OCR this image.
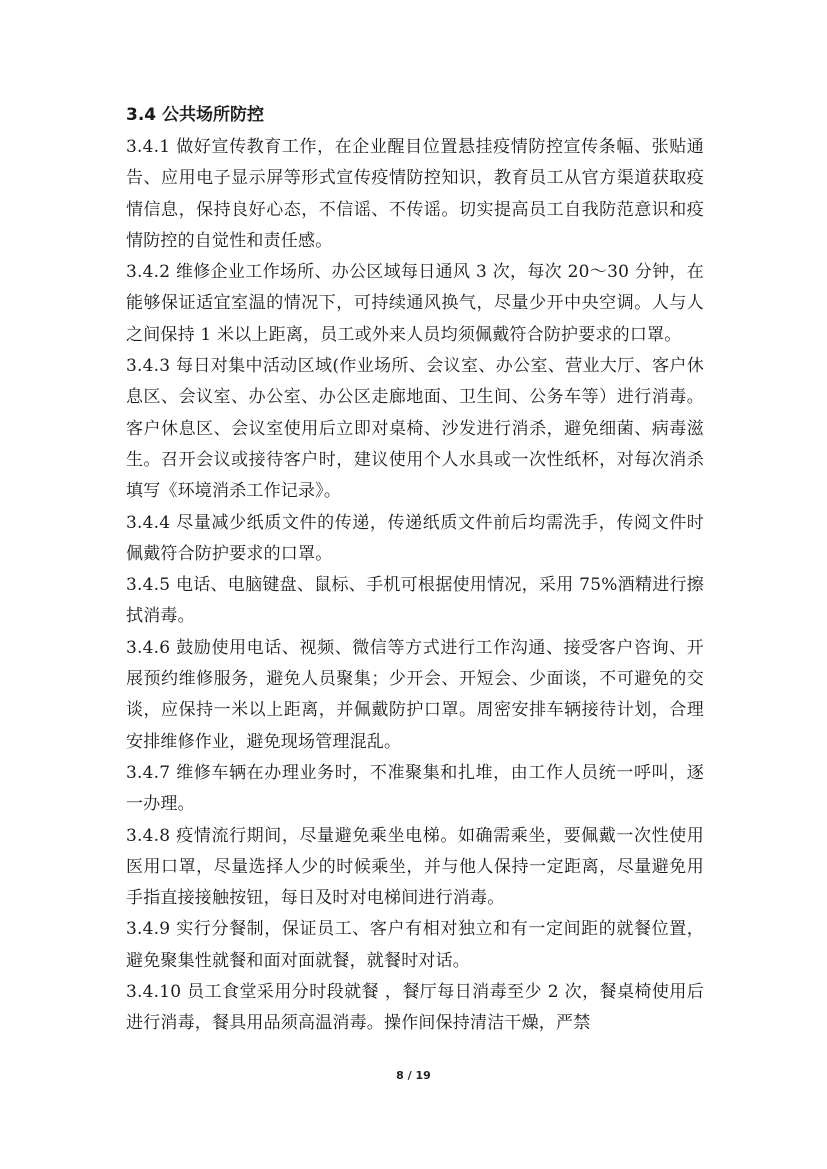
3.4 公共场所防控

3.4.1 做好宣传教育工作，在企业醒目位置悬挂疫情防控宣传条幅、张贴通告、应用电子显示屏等形式宣传疫情防控知识，教育员工从官方渠道获取疫情信息，保持良好心态，不信谣、不传谣。切实提高员工自我防范意识和疫情防控的自觉性和责任感。

3.4.2 维修企业工作场所、办公区域每日通风 3 次，每次 20～30 分钟，在能够保证适宜室温的情况下，可持续通风换气，尽量少开中央空调。人与人之间保持 1 米以上距离，员工或外来人员均须佩戴符合防护要求的口罩。

3.4.3 每日对集中活动区域(作业场所、会议室、办公室、营业大厅、客户休息区、会议室、办公室、办公区走廊地面、卫生间、公务车等）进行消毒。客户休息区、会议室使用后立即对桌椅、沙发进行消杀，避免细菌、病毒滋生。召开会议或接待客户时，建议使用个人水具或一次性纸杯，对每次消杀填写《环境消杀工作记录》。

3.4.4 尽量减少纸质文件的传递，传递纸质文件前后均需洗手，传阅文件时佩戴符合防护要求的口罩。

3.4.5 电话、电脑键盘、鼠标、手机可根据使用情况，采用 75%酒精进行擦拭消毒。

3.4.6 鼓励使用电话、视频、微信等方式进行工作沟通、接受客户咨询、开展预约维修服务，避免人员聚集；少开会、开短会、少面谈，不可避免的交谈，应保持一米以上距离，并佩戴防护口罩。周密安排车辆接待计划，合理安排维修作业，避免现场管理混乱。

3.4.7 维修车辆在办理业务时，不准聚集和扎堆，由工作人员统一呼叫，逐一办理。

3.4.8 疫情流行期间，尽量避免乘坐电梯。如确需乘坐，要佩戴一次性使用医用口罩，尽量选择人少的时候乘坐，并与他人保持一定距离，尽量避免用手指直接接触按钮，每日及时对电梯间进行消毒。

3.4.9 实行分餐制，保证员工、客户有相对独立和有一定间距的就餐位置，避免聚集性就餐和面对面就餐，就餐时对话。

3.4.10 员工食堂采用分时段就餐 ，餐厅每日消毒至少 2 次，餐桌椅使用后进行消毒，餐具用品须高温消毒。操作间保持清洁干燥，严禁

8 / 19
